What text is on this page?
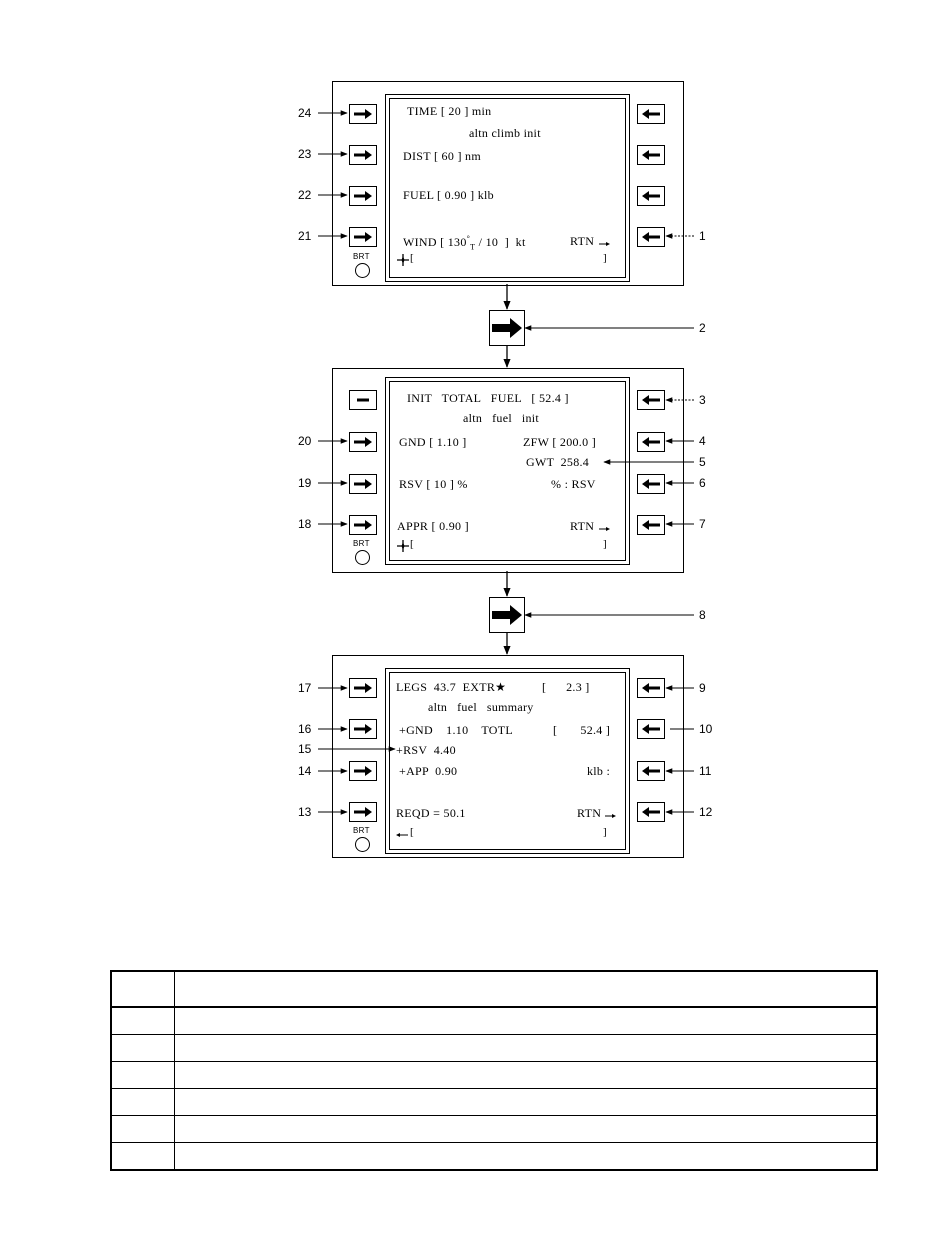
BRT
TIME [ 20 ] min
altn climb init
DIST [ 60 ] nm
FUEL [ 0.90 ] klb
WIND [ $130^\circ_T / 10$  ]  kt	RTN
[	]
BRT
INIT   TOTAL   FUEL   [ 52.4 ]
altn   fuel   init
GND [ 1.10 ]	ZFW [ 200.0 ]
GWT  258.4
RSV [ 10 ] %	% : RSV
APPR [ 0.90 ]	RTN
[	]
BRT
LEGS  43.7  EXTR★	[      2.3 ]
altn   fuel   summary
+GND    1.10    TOTL	[       52.4 ]
+RSV  4.40
+APP  0.90	klb :
REQD = 50.1	RTN
[	]
24
23
22
21
20
19
18
17
16
15
14
13
1
2
3
4
5
6
7
8
9
10
11
12
